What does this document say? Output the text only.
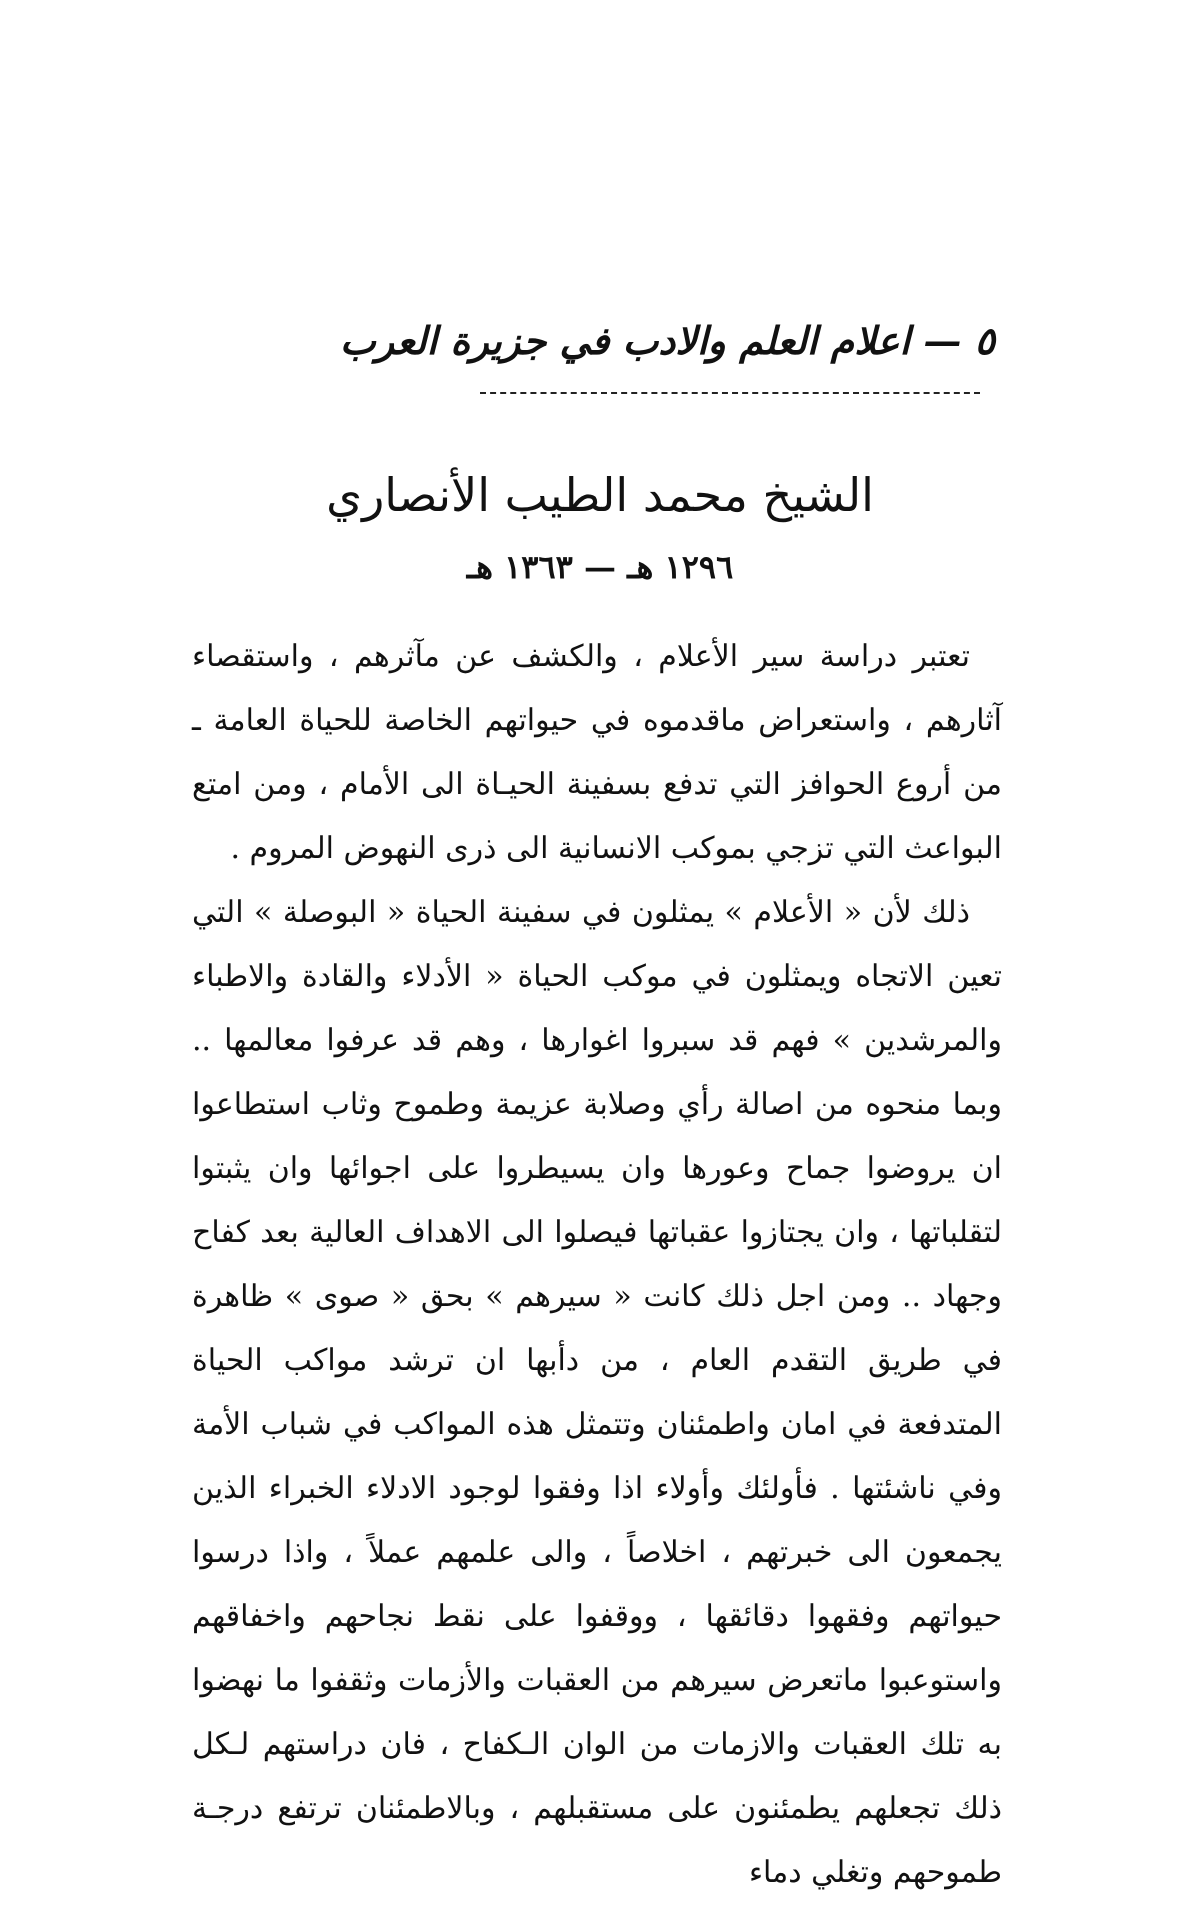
٥ — اعلام العلم والادب في جزيرة العرب
الشيخ محمد الطيب الأنصاري
١٢٩٦ هـ — ١٣٦٣ هـ

تعتبر دراسة سير الأعلام ، والكشف عن مآثرهم ، واستقصاء آثارهم ، واستعراض ماقدموه في حيواتهم الخاصة للحياة العامة ـ من أروع الحوافز التي تدفع بسفينة الحيـاة الى الأمام ، ومن امتع البواعث التي تزجي بموكب الانسانية الى ذرى النهوض المروم .

ذلك لأن « الأعلام » يمثلون في سفينة الحياة « البوصلة » التي تعين الاتجاه ويمثلون في موكب الحياة « الأدلاء والقادة والاطباء والمرشدين » فهم قد سبروا اغوارها ، وهم قد عرفوا معالمها .. وبما منحوه من اصالة رأي وصلابة عزيمة وطموح وثاب استطاعوا ان يروضوا جماح وعورها وان يسيطروا على اجوائها وان يثبتوا لتقلباتها ، وان يجتازوا عقباتها فيصلوا الى الاهداف العالية بعد كفاح وجهاد .. ومن اجل ذلك كانت « سيرهم » بحق « صوى » ظاهرة في طريق التقدم العام ، من دأبها ان ترشد مواكب الحياة المتدفعة في امان واطمئنان وتتمثل هذه المواكب في شباب الأمة وفي ناشئتها . فأولئك وأولاء اذا وفقوا لوجود الادلاء الخبراء الذين يجمعون الى خبرتهم ، اخلاصاً ، والى علمهم عملاً ، واذا درسوا حيواتهم وفقهوا دقائقها ، ووقفوا على نقط نجاحهم واخفاقهم واستوعبوا ماتعرض سيرهم من العقبات والأزمات وثقفوا ما نهضوا به تلك العقبات والازمات من الوان الـكفاح ، فان دراستهم لـكل ذلك تجعلهم يطمئنون على مستقبلهم ، وبالاطمئنان ترتفع درجـة طموحهم وتغلي دماء
